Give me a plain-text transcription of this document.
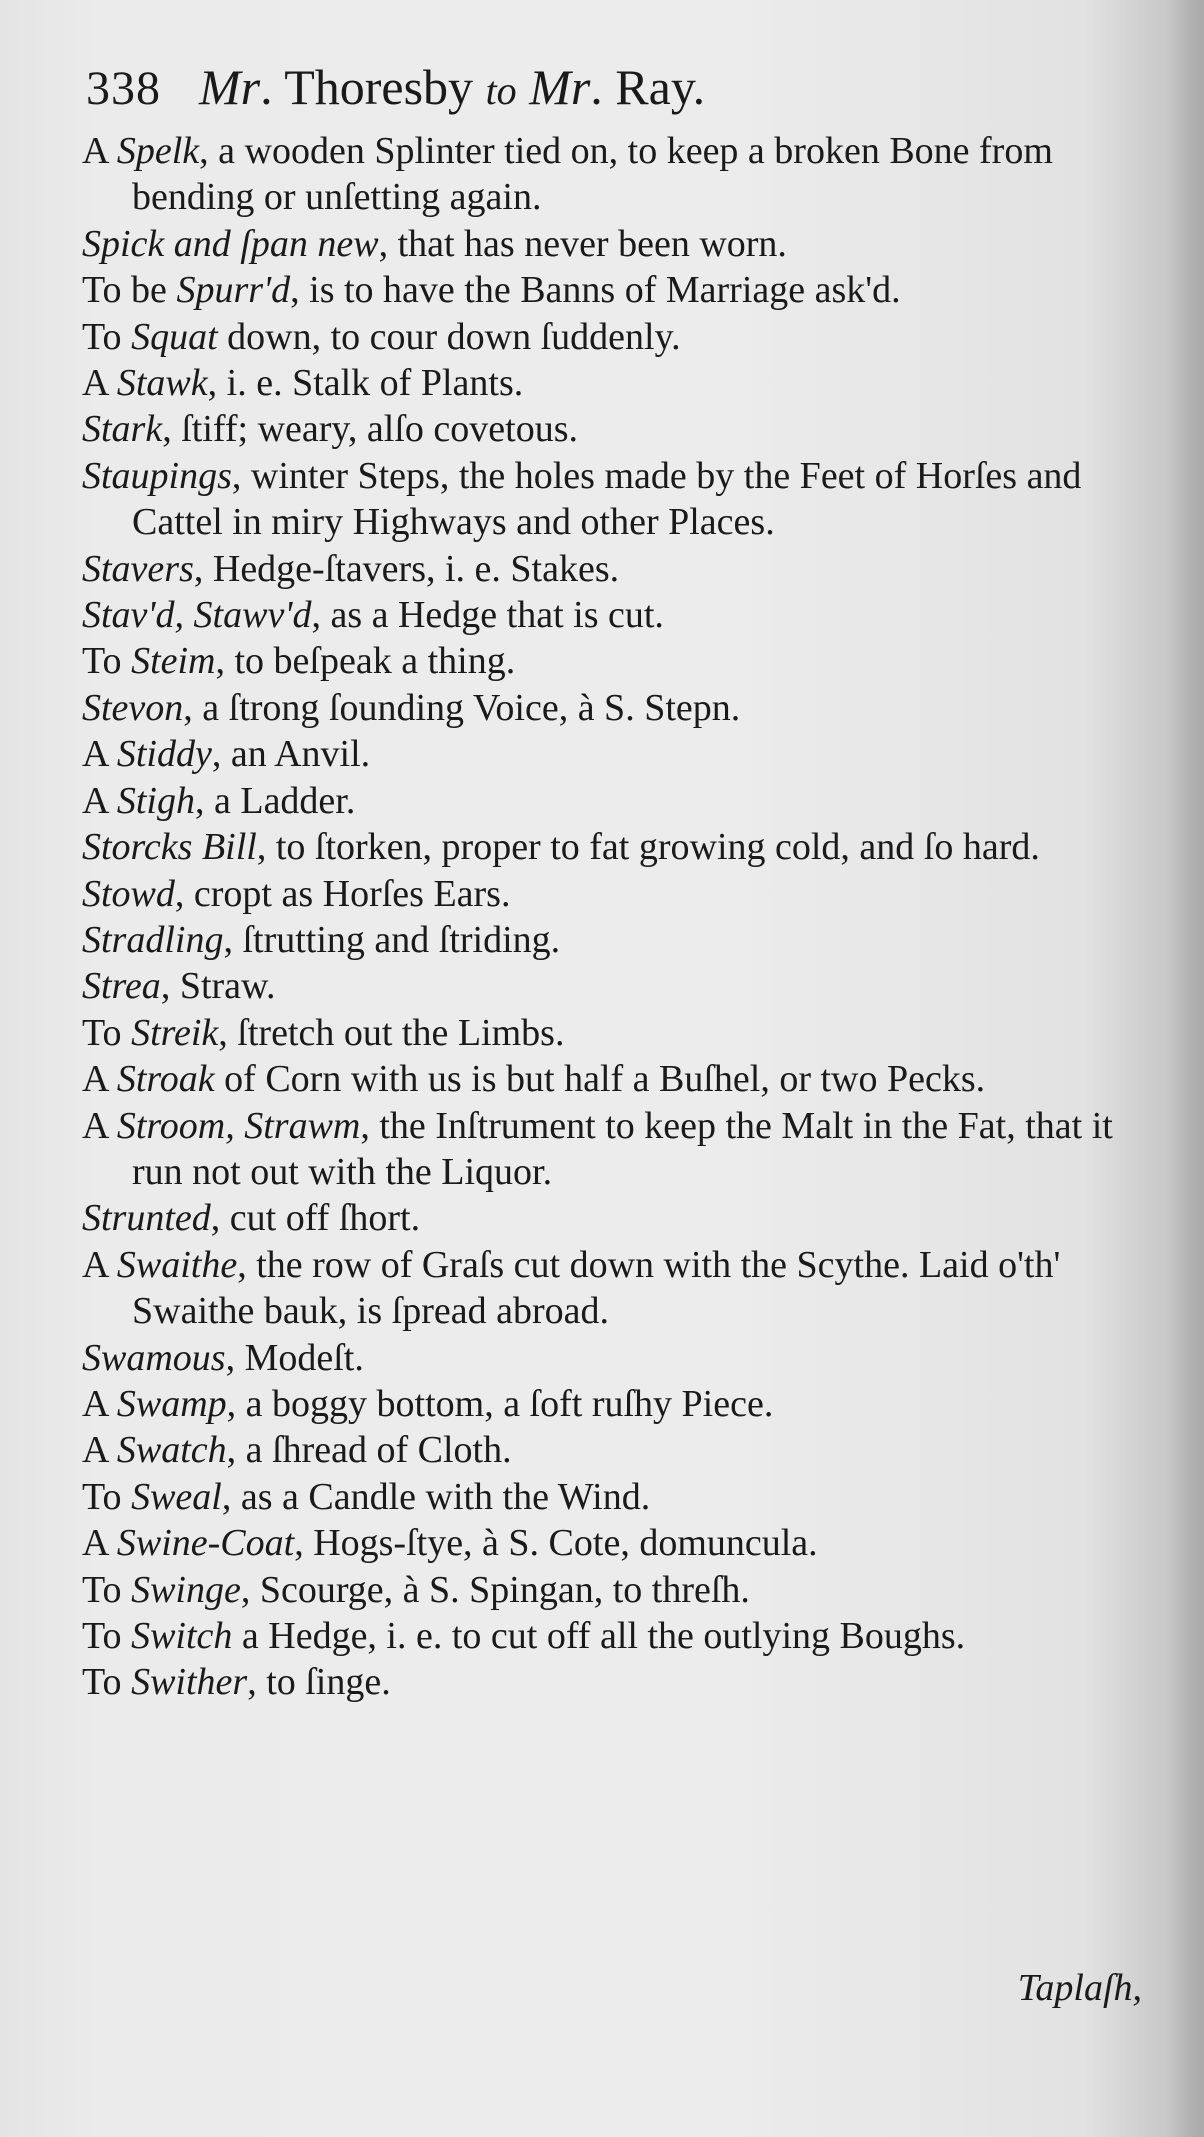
338 Mr. Thoresby to Mr. Ray.
A Spelk, a wooden Splinter tied on, to keep a broken Bone from bending or unſetting again.
Spick and ſpan new, that has never been worn.
To be Spurr'd, is to have the Banns of Marriage ask'd.
To Squat down, to cour down ſuddenly.
A Stawk, i. e. Stalk of Plants.
Stark, ſtiff; weary, alſo covetous.
Staupings, winter Steps, the holes made by the Feet of Horſes and Cattel in miry Highways and other Places.
Stavers, Hedge-ſtavers, i. e. Stakes.
Stav'd, Stawv'd, as a Hedge that is cut.
To Steim, to beſpeak a thing.
Stevon, a ſtrong ſounding Voice, à S. Stepn.
A Stiddy, an Anvil.
A Stigh, a Ladder.
Storcks Bill, to ſtorken, proper to fat growing cold, and ſo hard.
Stowd, cropt as Horſes Ears.
Stradling, ſtrutting and ſtriding.
Strea, Straw.
To Streik, ſtretch out the Limbs.
A Stroak of Corn with us is but half a Buſhel, or two Pecks.
A Stroom, Strawm, the Inſtrument to keep the Malt in the Fat, that it run not out with the Liquor.
Strunted, cut off ſhort.
A Swaithe, the row of Graſs cut down with the Scythe. Laid o'th' Swaithe bauk, is ſpread abroad.
Swamous, Modeſt.
A Swamp, a boggy bottom, a ſoft ruſhy Piece.
A Swatch, a ſhread of Cloth.
To Sweal, as a Candle with the Wind.
A Swine-Coat, Hogs-ſtye, à S. Cote, domuncula.
To Swinge, Scourge, à S. Spingan, to threſh.
To Switch a Hedge, i. e. to cut off all the outlying Boughs.
To Swither, to ſinge.
Taplaſh,
